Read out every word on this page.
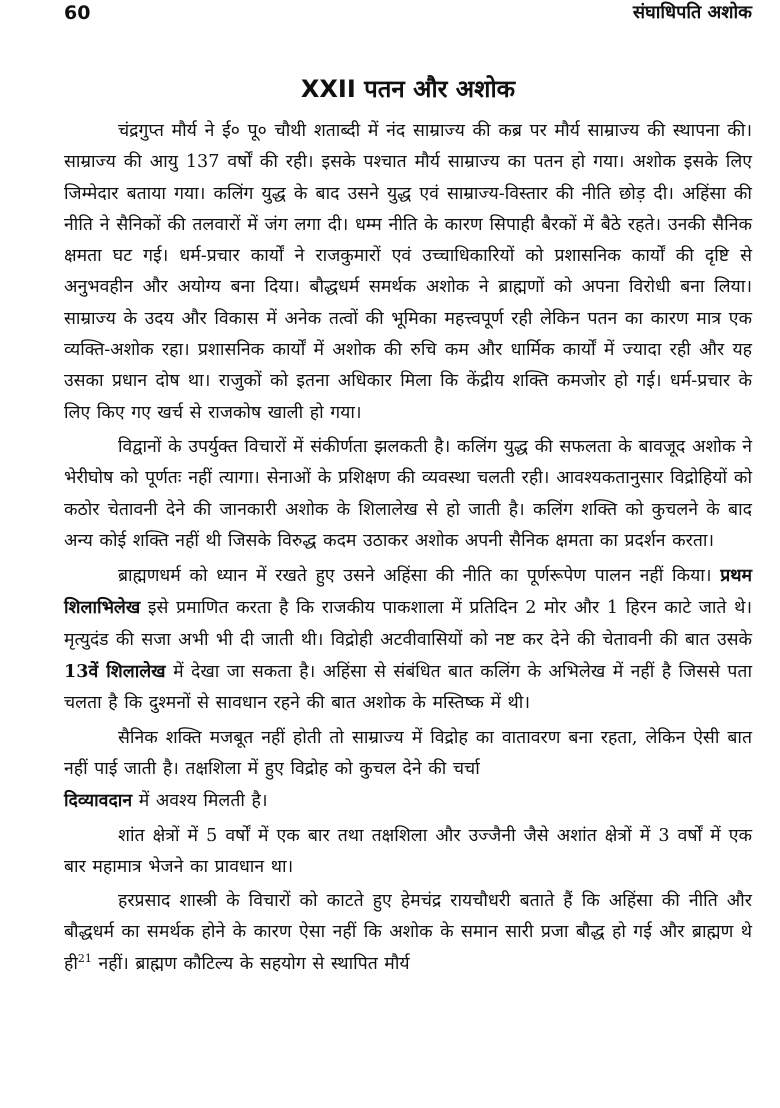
60	संघाधिपति अशोक
XXII पतन और अशोक

चंद्रगुप्त मौर्य ने ई० पू० चौथी शताब्दी में नंद साम्राज्य की कब्र पर मौर्य साम्राज्य की स्थापना की। साम्राज्य की आयु 137 वर्षों की रही। इसके पश्चात मौर्य साम्राज्य का पतन हो गया। अशोक इसके लिए जिम्मेदार बताया गया। कलिंग युद्ध के बाद उसने युद्ध एवं साम्राज्य-विस्तार की नीति छोड़ दी। अहिंसा की नीति ने सैनिकों की तलवारों में जंग लगा दी। धम्म नीति के कारण सिपाही बैरकों में बैठे रहते। उनकी सैनिक क्षमता घट गई। धर्म-प्रचार कार्यों ने राजकुमारों एवं उच्चाधिकारियों को प्रशासनिक कार्यों की दृष्टि से अनुभवहीन और अयोग्य बना दिया। बौद्धधर्म समर्थक अशोक ने ब्राह्मणों को अपना विरोधी बना लिया। साम्राज्य के उदय और विकास में अनेक तत्वों की भूमिका महत्त्वपूर्ण रही लेकिन पतन का कारण मात्र एक व्यक्ति-अशोक रहा। प्रशासनिक कार्यों में अशोक की रुचि कम और धार्मिक कार्यों में ज्यादा रही और यह उसका प्रधान दोष था। राजुकों को इतना अधिकार मिला कि केंद्रीय शक्ति कमजोर हो गई। धर्म-प्रचार के लिए किए गए खर्च से राजकोष खाली हो गया।

विद्वानों के उपर्युक्त विचारों में संकीर्णता झलकती है। कलिंग युद्ध की सफलता के बावजूद अशोक ने भेरीघोष को पूर्णतः नहीं त्यागा। सेनाओं के प्रशिक्षण की व्यवस्था चलती रही। आवश्यकतानुसार विद्रोहियों को कठोर चेतावनी देने की जानकारी अशोक के शिलालेख से हो जाती है। कलिंग शक्ति को कुचलने के बाद अन्य कोई शक्ति नहीं थी जिसके विरुद्ध कदम उठाकर अशोक अपनी सैनिक क्षमता का प्रदर्शन करता।

ब्राह्मणधर्म को ध्यान में रखते हुए उसने अहिंसा की नीति का पूर्णरूपेण पालन नहीं किया। प्रथम शिलाभिलेख इसे प्रमाणित करता है कि राजकीय पाकशाला में प्रतिदिन 2 मोर और 1 हिरन काटे जाते थे। मृत्युदंड की सजा अभी भी दी जाती थी। विद्रोही अटवीवासियों को नष्ट कर देने की चेतावनी की बात उसके 13वें शिलालेख में देखा जा सकता है। अहिंसा से संबंधित बात कलिंग के अभिलेख में नहीं है जिससे पता चलता है कि दुश्मनों से सावधान रहने की बात अशोक के मस्तिष्क में थी।

सैनिक शक्ति मजबूत नहीं होती तो साम्राज्य में विद्रोह का वातावरण बना रहता, लेकिन ऐसी बात नहीं पाई जाती है। तक्षशिला में हुए विद्रोह को कुचल देने की चर्चा
दिव्यावदान में अवश्य मिलती है।

शांत क्षेत्रों में 5 वर्षों में एक बार तथा तक्षशिला और उज्जैनी जैसे अशांत क्षेत्रों में 3 वर्षों में एक बार महामात्र भेजने का प्रावधान था।

हरप्रसाद शास्त्री के विचारों को काटते हुए हेमचंद्र रायचौधरी बताते हैं कि अहिंसा की नीति और बौद्धधर्म का समर्थक होने के कारण ऐसा नहीं कि अशोक के समान सारी प्रजा बौद्ध हो गई और ब्राह्मण थे ही$^{21}$ नहीं। ब्राह्मण कौटिल्य के सहयोग से स्थापित मौर्य
